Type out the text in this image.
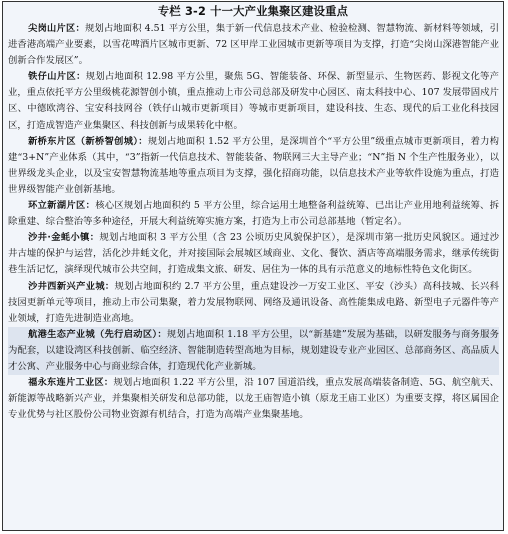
专栏 3-2 十一大产业集聚区建设重点

尖岗山片区：规划占地面积 4.51 平方公里，集于新一代信息技术产业、检验检测、智慧物流、新材料等领域，引进香港高端产业要素，以雪花啤酒片区城市更新、72 区甲岸工业园城市更新等项目为支撑，打造“尖岗山深港智能产业创新合作发展区”。

铁仔山片区：规划占地面积 12.98 平方公里，聚焦 5G、智能装备、环保、新型显示、生物医药、影视文化等产业，重点依托平方公里级桃花源智创小镇，重点推动上市公司总部及研发中心园区、南太科技中心、107 发展带固戍片区、中德欧湾谷、宝安科技网谷（铁仔山城市更新项目）等城市更新项目，建设科技、生态、现代的后工业化科技园区，打造成智造产业集聚区、科技创新与成果转化中枢。

新桥东片区（新桥智创城）：规划占地面积 1.52 平方公里，是深圳首个“平方公里”级重点城市更新项目，着力构建“3+N”产业体系（其中，“3”指新一代信息技术、智能装备、物联网三大主导产业；“N”指 N 个生产性服务业），以世界级龙头企业，以及宝安智慧物流基地等重点项目为支撑，强化招商功能，以信息技术产业等软件设施为重点，打造世界级智能产业创新基地。

环立新湖片区：核心区规划占地面积约 5 平方公里，综合运用土地整备利益统筹、已出让产业用地利益统筹、拆除重建、综合整治等多种途径，开展大利益统筹实施方案，打造为上市公司总部基地（暂定名）。

沙井·金蚝小镇：规划占地面积 3 平方公里（含 23 公顷历史风貌保护区），是深圳市第一批历史风貌区。通过沙井古墟的保护与运营，活化沙井蚝文化，并对接国际会展城区域商业、文化、餐饮、酒店等高端服务需求，继承传统街巷生活记忆，演绎现代城市公共空间，打造成集文旅、研发、居住为一体的具有示范意义的地标性特色文化街区。

沙井西新兴产业城：规划占地面积约 2.7 平方公里，重点建设沙一万安工业区、平安（沙头）高科技城、长兴科技园更新单元等项目，推动上市公司集聚，着力发展物联网、网络及通讯设备、高性能集成电路、新型电子元器件等产业领域，打造先进制造业高地。

航港生态产业城（先行启动区）：规划占地面积 1.18 平方公里，以“新基建”发展为基础，以研发服务与商务服务为配套，以建设湾区科技创新、临空经济、智能制造转型高地为目标，规划建设专业产业园区、总部商务区、高品质人才公寓、产业服务中心与商业综合体，打造现代化产业新城。

福永东连片工业区：规划占地面积 1.22 平方公里，沿 107 国道沿线，重点发展高端装备制造、5G、航空航天、新能源等战略新兴产业，并集聚相关研发和总部功能，以龙王庙智造小镇（原龙王庙工业区）为重要支撑，将区属国企专业优势与社区股份公司物业资源有机结合，打造为高端产业集聚基地。
